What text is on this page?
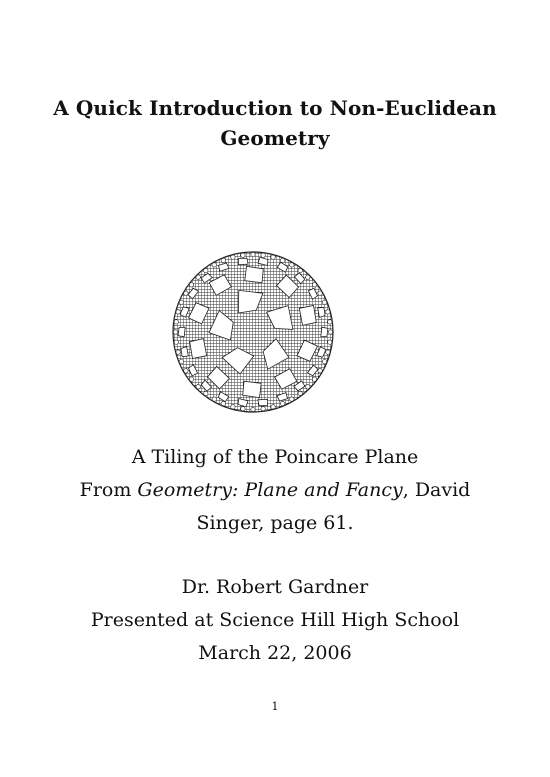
A Quick Introduction to Non-Euclidean
Geometry
A Tiling of the Poincare Plane
From Geometry: Plane and Fancy, David
Singer, page 61.
Dr. Robert Gardner
Presented at Science Hill High School
March 22, 2006
1
